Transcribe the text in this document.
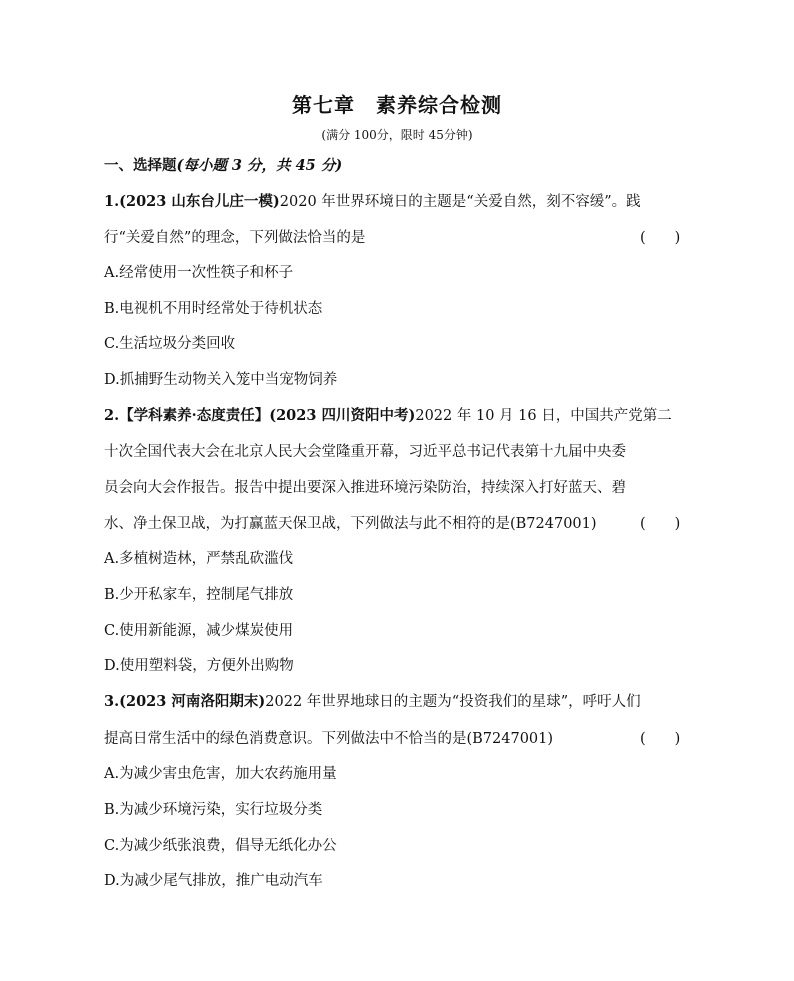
第七章　素养综合检测
(满分 100分，限时 45分钟)
一、选择题(每小题 3 分，共 45 分)
1.(2023 山东台儿庄一模)2020 年世界环境日的主题是“关爱自然，刻不容缓”。践
行“关爱自然”的理念，下列做法恰当的是	(　　)
A.经常使用一次性筷子和杯子
B.电视机不用时经常处于待机状态
C.生活垃圾分类回收
D.抓捕野生动物关入笼中当宠物饲养
2.【学科素养·态度责任】(2023 四川资阳中考)2022 年 10 月 16 日，中国共产党第二
十次全国代表大会在北京人民大会堂隆重开幕，习近平总书记代表第十九届中央委
员会向大会作报告。报告中提出要深入推进环境污染防治，持续深入打好蓝天、碧
水、净土保卫战，为打赢蓝天保卫战，下列做法与此不相符的是(B7247001)	(　　)
A.多植树造林，严禁乱砍滥伐
B.少开私家车，控制尾气排放
C.使用新能源，减少煤炭使用
D.使用塑料袋，方便外出购物
3.(2023 河南洛阳期末)2022 年世界地球日的主题为“投资我们的星球”，呼吁人们
提高日常生活中的绿色消费意识。下列做法中不恰当的是(B7247001)	(　　)
A.为减少害虫危害，加大农药施用量
B.为减少环境污染，实行垃圾分类
C.为减少纸张浪费，倡导无纸化办公
D.为减少尾气排放，推广电动汽车
